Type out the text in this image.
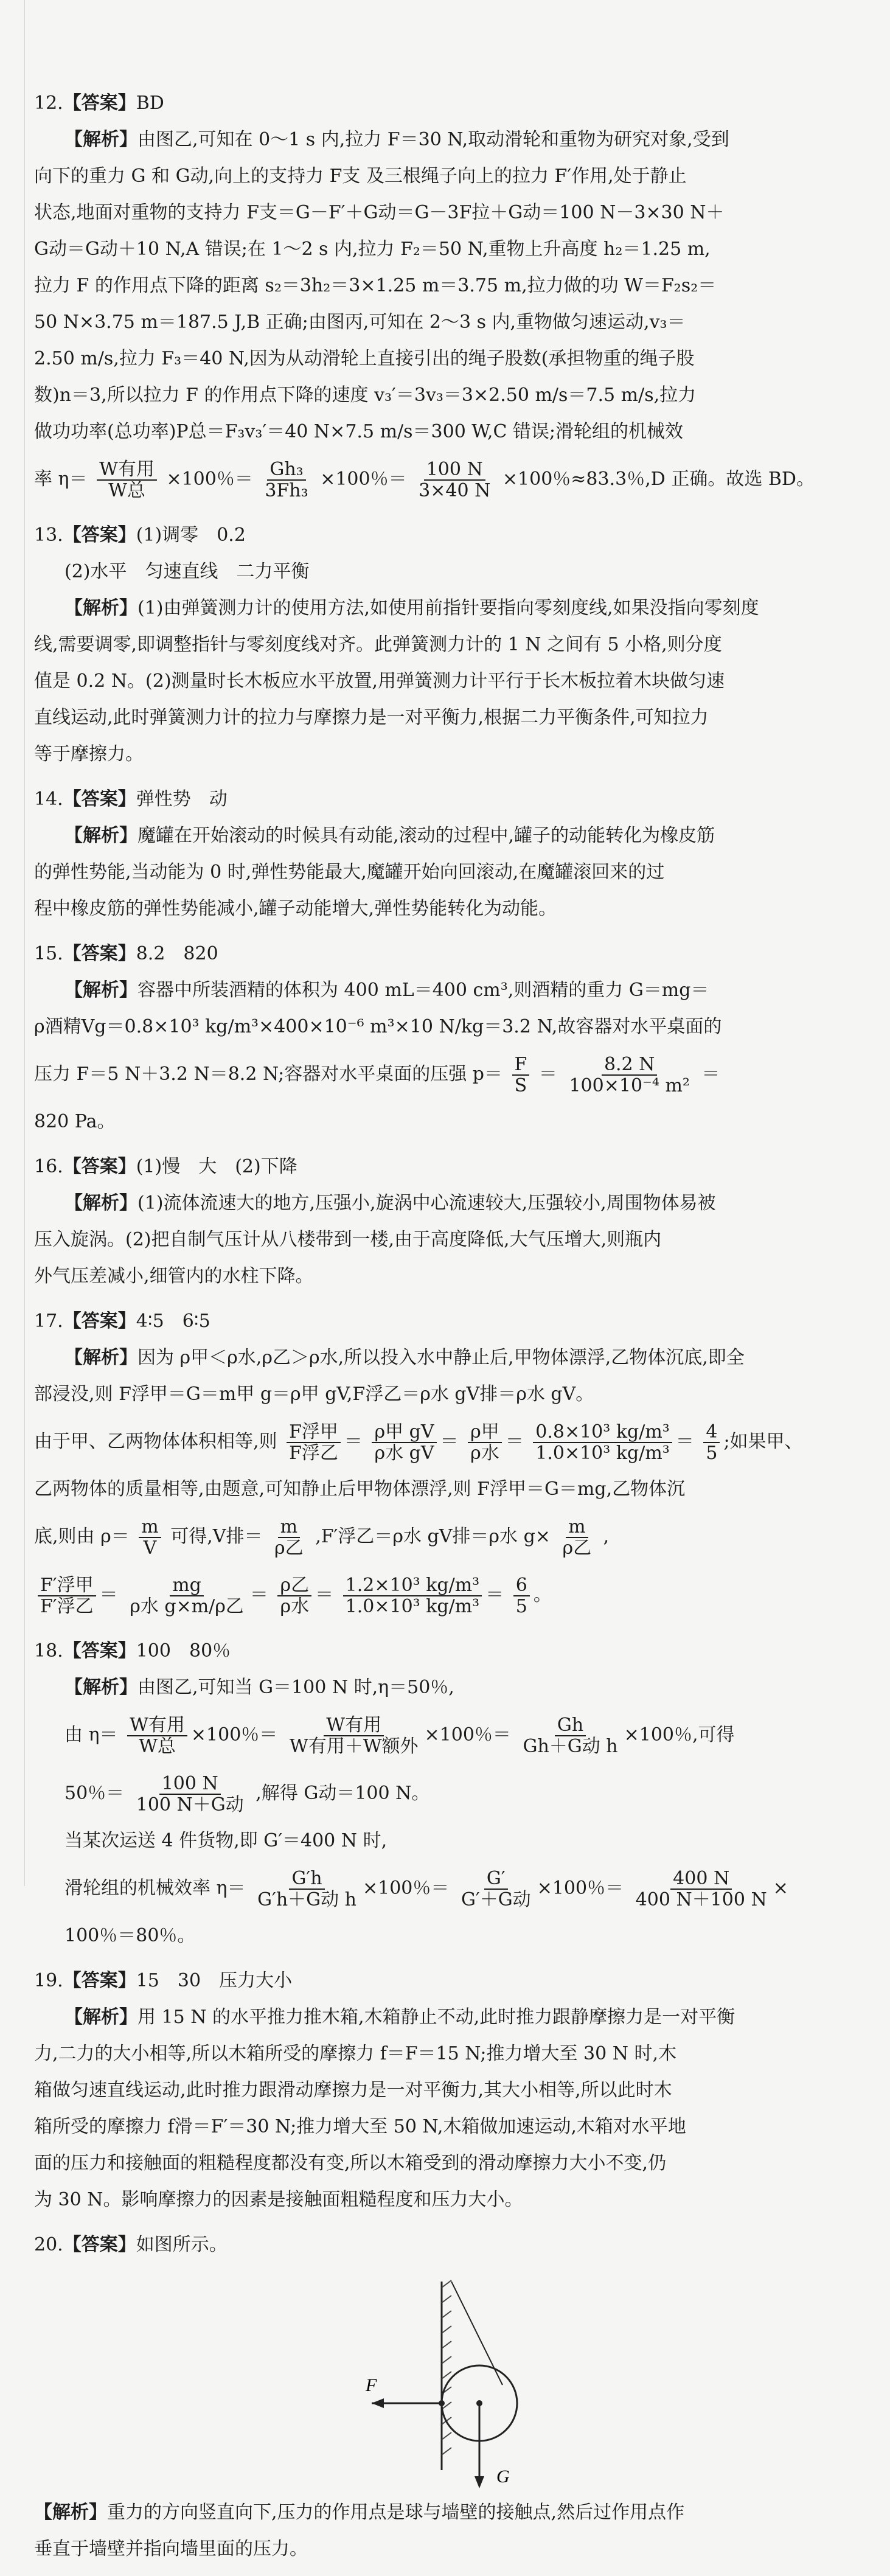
12.【答案】BD
【解析】由图乙,可知在 0～1 s 内,拉力 F＝30 N,取动滑轮和重物为研究对象,受到
向下的重力 G 和 G动,向上的支持力 F支 及三根绳子向上的拉力 F′作用,处于静止
状态,地面对重物的支持力 F支＝G－F′＋G动＝G－3F拉＋G动＝100 N－3×30 N＋
G动＝G动＋10 N,A 错误;在 1～2 s 内,拉力 F₂＝50 N,重物上升高度 h₂＝1.25 m,
拉力 F 的作用点下降的距离 s₂＝3h₂＝3×1.25 m＝3.75 m,拉力做的功 W＝F₂s₂＝
50 N×3.75 m＝187.5 J,B 正确;由图丙,可知在 2～3 s 内,重物做匀速运动,v₃＝
2.50 m/s,拉力 F₃＝40 N,因为从动滑轮上直接引出的绳子股数(承担物重的绳子股
数)n＝3,所以拉力 F 的作用点下降的速度 v₃′＝3v₃＝3×2.50 m/s＝7.5 m/s,拉力
做功功率(总功率)P总＝F₃v₃′＝40 N×7.5 m/s＝300 W,C 错误;滑轮组的机械效
率 $\eta= \frac{\text{W有用}}{\text{W总}} \times 100$％＝ $\frac{\text{Gh₃}}{\text{3Fh₃}} \times 100$％＝ $\frac{100 N}{3\times 40 N} \times 100$％≈83.3％,D 正确。故选 BD。
13.【答案】(1)调零　0.2
(2)水平　匀速直线　二力平衡
【解析】(1)由弹簧测力计的使用方法,如使用前指针要指向零刻度线,如果没指向零刻度
线,需要调零,即调整指针与零刻度线对齐。此弹簧测力计的 1 N 之间有 5 小格,则分度
值是 0.2 N。(2)测量时长木板应水平放置,用弹簧测力计平行于长木板拉着木块做匀速
直线运动,此时弹簧测力计的拉力与摩擦力是一对平衡力,根据二力平衡条件,可知拉力
等于摩擦力。
14.【答案】弹性势　动
【解析】魔罐在开始滚动的时候具有动能,滚动的过程中,罐子的动能转化为橡皮筋
的弹性势能,当动能为 0 时,弹性势能最大,魔罐开始向回滚动,在魔罐滚回来的过
程中橡皮筋的弹性势能减小,罐子动能增大,弹性势能转化为动能。
15.【答案】8.2　820
【解析】容器中所装酒精的体积为 400 mL＝400 cm³,则酒精的重力 G＝mg＝
ρ酒精Vg＝0.8×10³ kg/m³×400×10⁻⁶ m³×10 N/kg＝3.2 N,故容器对水平桌面的
压力 F＝5 N＋3.2 N＝8.2 N;容器对水平桌面的压强 $p= \frac{F}{S} = \frac{8.2 N}{\text{100×10⁻⁴ m²}}$ ＝
820 Pa。
16.【答案】(1)慢　大　(2)下降
【解析】(1)流体流速大的地方,压强小,旋涡中心流速较大,压强较小,周围物体易被
压入旋涡。(2)把自制气压计从八楼带到一楼,由于高度降低,大气压增大,则瓶内
外气压差减小,细管内的水柱下降。
17.【答案】4∶5　6∶5
【解析】因为 ρ甲＜ρ水,ρ乙＞ρ水,所以投入水中静止后,甲物体漂浮,乙物体沉底,即全
部浸没,则 F浮甲＝G＝m甲 g＝ρ甲 gV,F浮乙＝ρ水 gV排＝ρ水 gV。
由于甲、乙两物体体积相等,则 $\frac{\text{F浮甲}}{\text{F浮乙}} = \frac{\text{ρ甲 gV}}{\text{ρ水 gV}} = \frac{\text{ρ甲}}{\text{ρ水}} = \frac{\text{0.8×10³ kg/m³}}{\text{1.0×10³ kg/m³}} = \frac{4}{5}$ ;如果甲、
乙两物体的质量相等,由题意,可知静止后甲物体漂浮,则 F浮甲＝G＝mg,乙物体沉
底,则由 $\rho= \frac{m}{V}$ 可得,V排＝ $\frac{m}{\text{ρ乙}} ,F'$浮乙＝ρ水 gV排＝ρ水 $g\times \frac{m}{\text{ρ乙}}$ ,
$\frac{\text{F′浮甲}}{\text{F′浮乙}} = \frac{mg}{\text{ρ水 g×m/ρ乙}} = \frac{\text{ρ乙}}{\text{ρ水}} = \frac{\text{1.2×10³ kg/m³}}{\text{1.0×10³ kg/m³}} = \frac{6}{5}$ 。
18.【答案】100　80％
【解析】由图乙,可知当 G＝100 N 时,η＝50％,
由 $\eta= \frac{\text{W有用}}{\text{W总}} \times 100$％＝ $\frac{\text{W有用}}{\text{W有用＋W额外}} \times 100$％＝ $\frac{Gh}{\text{Gh＋G动 h}} \times 100$％,可得
50％＝ $\frac{100 N}{\text{100 N＋G动}}$ ,解得 G动＝100 N。
当某次运送 4 件货物,即 G′＝400 N 时,
滑轮组的机械效率 $\eta= \frac{G'h}{\text{G′h＋G动 h}} \times 100$％＝ $\frac{G'}{\text{G′＋G动}} \times 100$％＝ $\frac{400 N}{400 N+100 N}$ ×
100％＝80％。
19.【答案】15　30　压力大小
【解析】用 15 N 的水平推力推木箱,木箱静止不动,此时推力跟静摩擦力是一对平衡
力,二力的大小相等,所以木箱所受的摩擦力 f＝F＝15 N;推力增大至 30 N 时,木
箱做匀速直线运动,此时推力跟滑动摩擦力是一对平衡力,其大小相等,所以此时木
箱所受的摩擦力 f滑＝F′＝30 N;推力增大至 50 N,木箱做加速运动,木箱对水平地
面的压力和接触面的粗糙程度都没有变,所以木箱受到的滑动摩擦力大小不变,仍
为 30 N。影响摩擦力的因素是接触面粗糙程度和压力大小。
20.【答案】如图所示。
F
G
【解析】重力的方向竖直向下,压力的作用点是球与墙壁的接触点,然后过作用点作
垂直于墙壁并指向墙里面的压力。
